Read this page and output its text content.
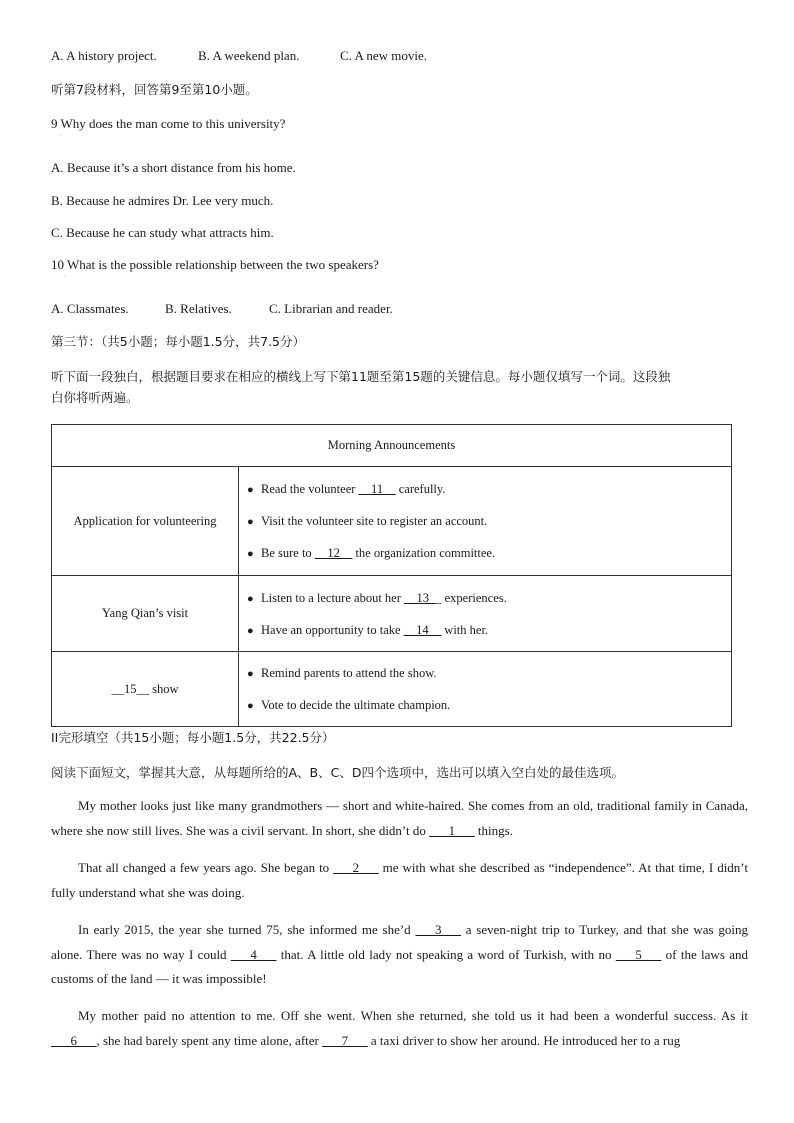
A. A history project.	B. A weekend plan.	C. A new movie.
听第7段材料，回答第9至第10小题。
9 Why does the man come to this university?
·
A. Because it’s a short distance from his home.
B. Because he admires Dr. Lee very much.
C. Because he can study what attracts him.
10 What is the possible relationship between the two speakers?
·
A. Classmates.	B. Relatives.	C. Librarian and reader.
第三节：（共5小题；每小题1.5分，共7.5分）
听下面一段独白，根据题目要求在相应的横线上写下第11题至第15题的关键信息。每小题仅填写一个词。这段独
白你将听两遍。
Morning Announcements	
Application for volunteering	● Read the volunteer __11__ carefully.
● Visit the volunteer site to register an account.
● Be sure to __12__ the organization committee.

Yang Qian’s visit	● Listen to a lecture about her __13__ experiences.
● Have an opportunity to take __14__ with her.

__15__ show	● Remind parents to attend the show.
● Vote to decide the ultimate champion.
II完形填空（共15小题；每小题1.5分，共22.5分）
阅读下面短文，掌握其大意，从每题所给的A、B、C、D四个选项中，选出可以填入空白处的最佳选项。
My mother looks just like many grandmothers — short and white-haired. She comes from an old, traditional family in Canada, where she now still lives. She was a civil servant. In short, she didn’t do ___1___ things.
That all changed a few years ago. She began to ___2___ me with what she described as “independence”. At that time, I didn’t fully understand what she was doing.
In early 2015, the year she turned 75, she informed me she’d ___3___ a seven-night trip to Turkey, and that she was going alone. There was no way I could ___4___ that. A little old lady not speaking a word of Turkish, with no ___5___ of the laws and customs of the land — it was impossible!
My mother paid no attention to me. Off she went. When she returned, she told us it had been a wonderful success. As it ___6___, she had barely spent any time alone, after ___7___ a taxi driver to show her around. He introduced her to a rug
